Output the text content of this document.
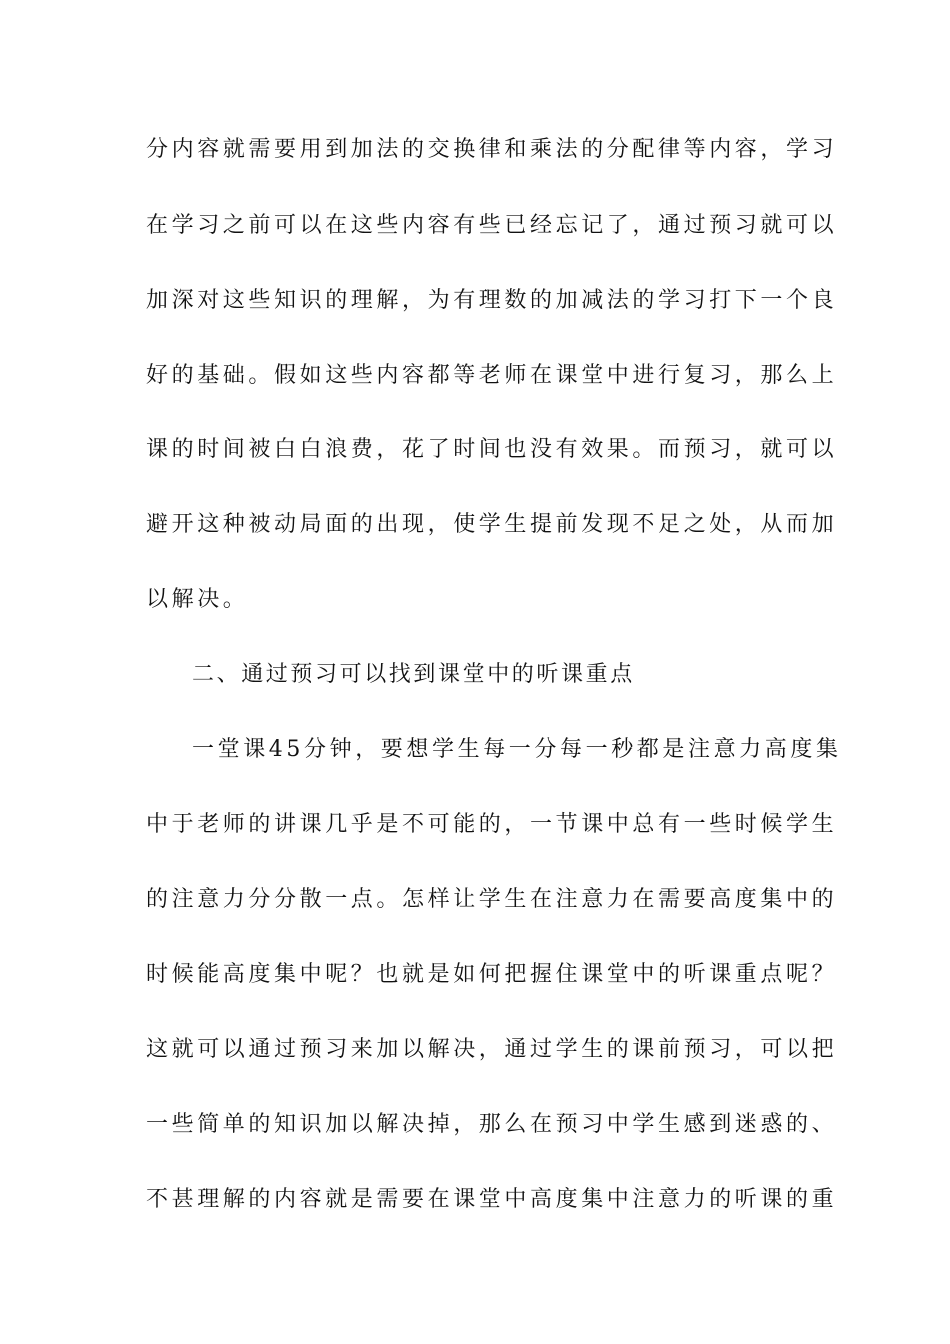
分内容就需要用到加法的交换律和乘法的分配律等内容，学习
在学习之前可以在这些内容有些已经忘记了，通过预习就可以
加深对这些知识的理解，为有理数的加减法的学习打下一个良
好的基础。假如这些内容都等老师在课堂中进行复习，那么上
课的时间被白白浪费，花了时间也没有效果。而预习，就可以
避开这种被动局面的出现，使学生提前发现不足之处，从而加
以解决。
二、通过预习可以找到课堂中的听课重点
一堂课45分钟，要想学生每一分每一秒都是注意力高度集
中于老师的讲课几乎是不可能的，一节课中总有一些时候学生
的注意力分分散一点。怎样让学生在注意力在需要高度集中的
时候能高度集中呢？也就是如何把握住课堂中的听课重点呢？
这就可以通过预习来加以解决，通过学生的课前预习，可以把
一些简单的知识加以解决掉，那么在预习中学生感到迷惑的、
不甚理解的内容就是需要在课堂中高度集中注意力的听课的重
